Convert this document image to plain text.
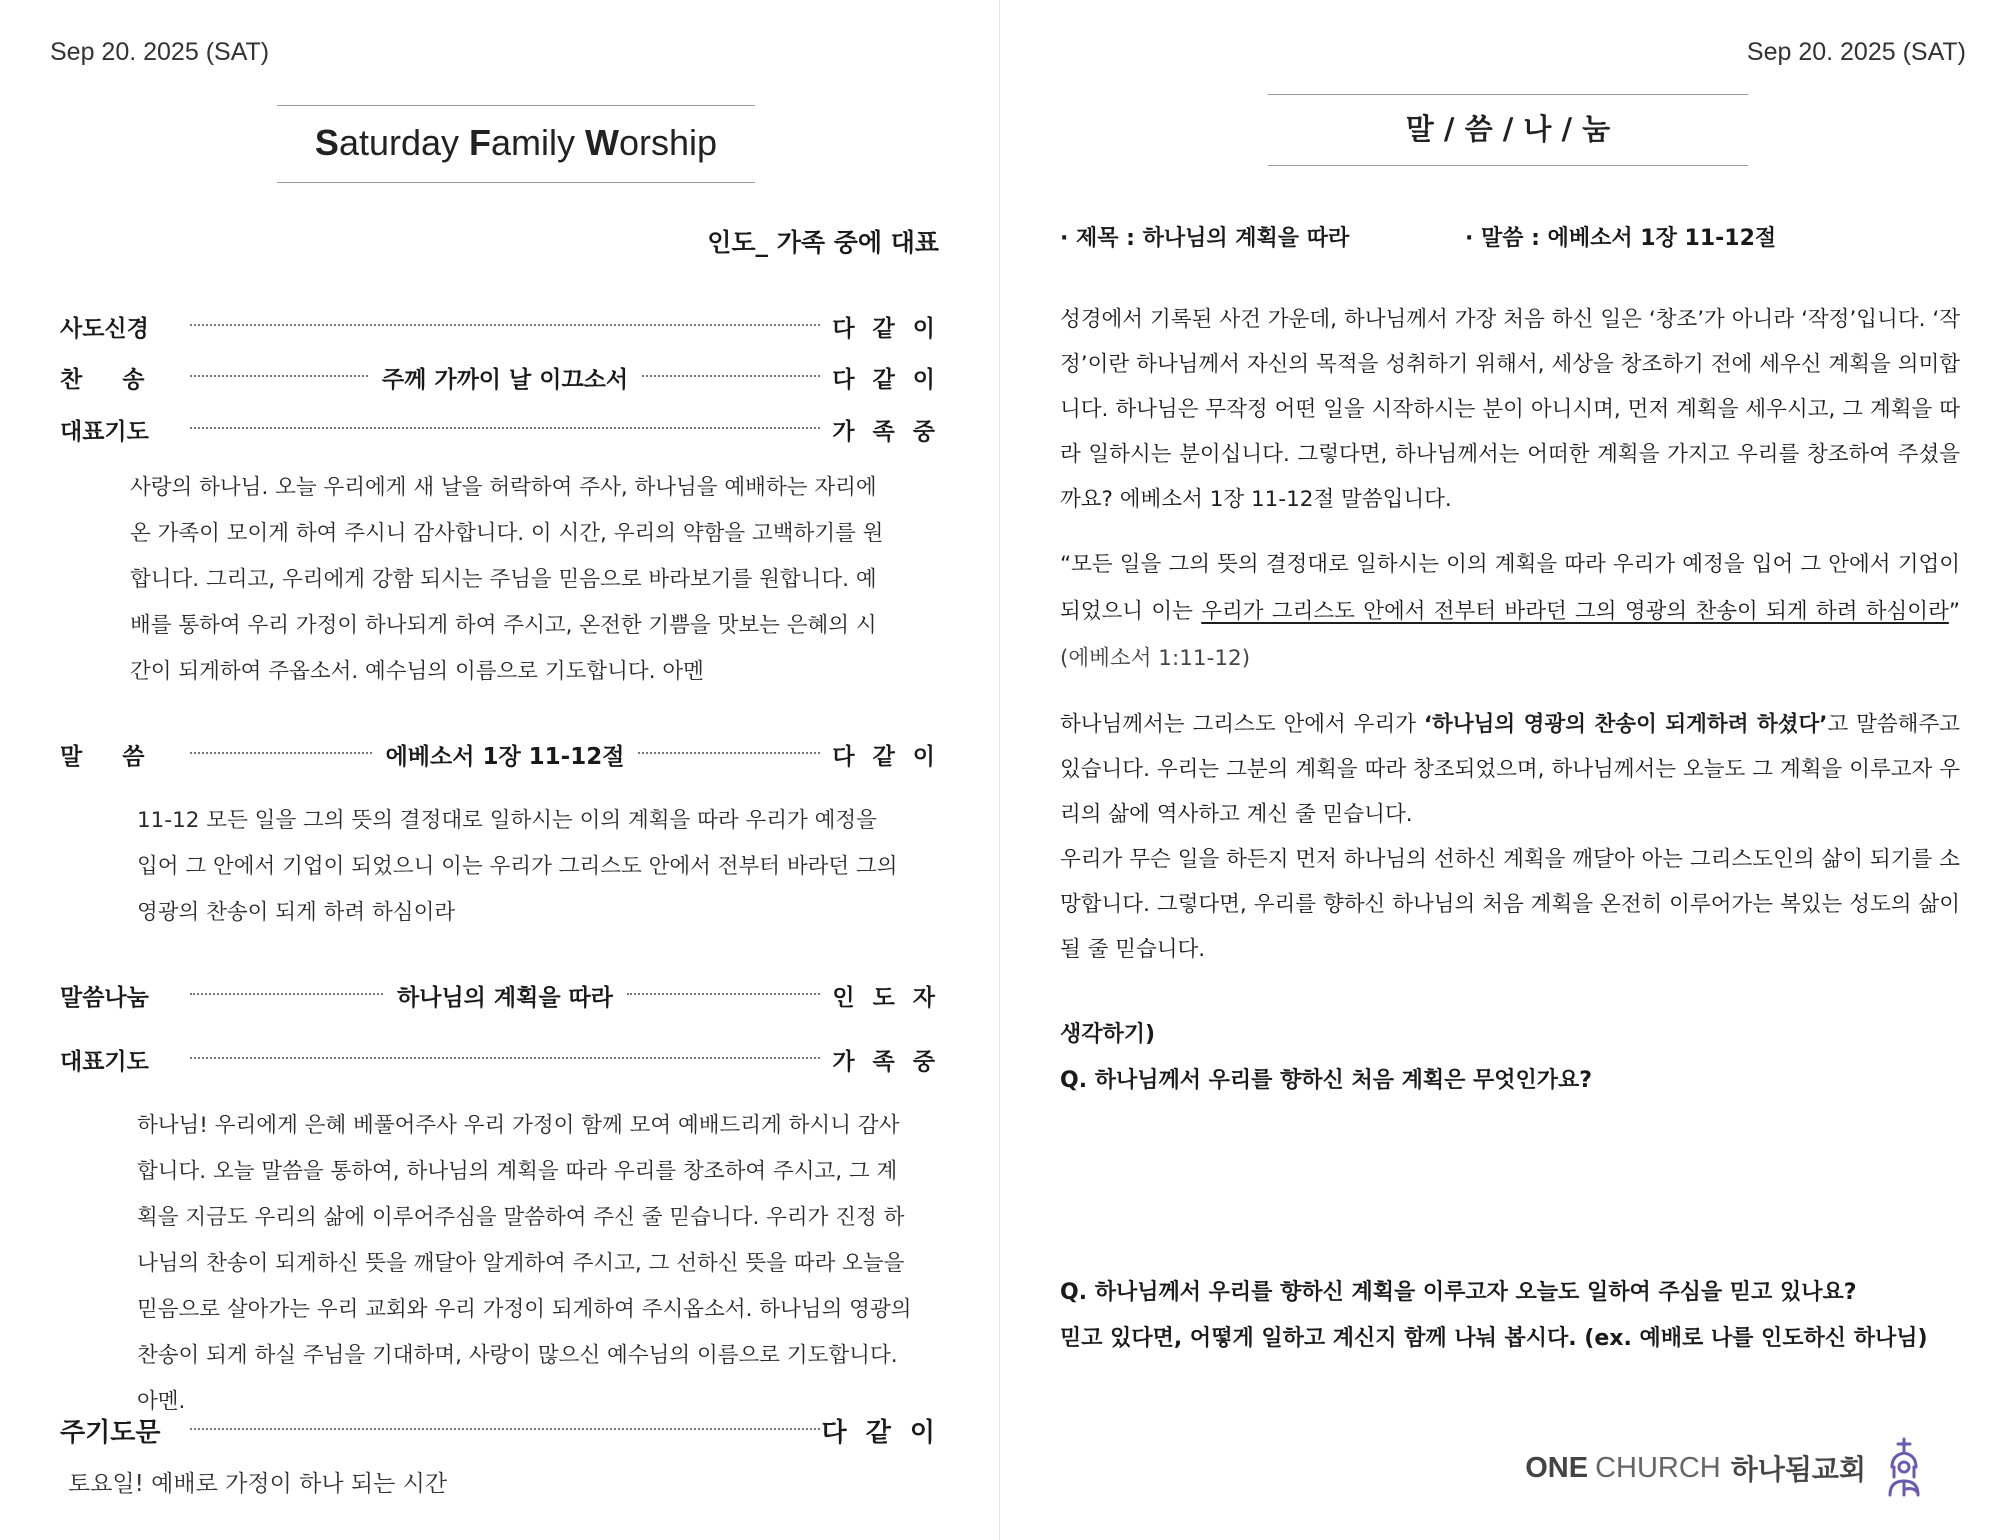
Sep 20. 2025 (SAT)
Saturday Family Worship
인도_ 가족 중에 대표
사도신경	다 같 이
찬송	주께 가까이 날 이끄소서	다 같 이
대표기도	가 족 중
사랑의 하나님. 오늘 우리에게 새 날을 허락하여 주사, 하나님을 예배하는 자리에 온 가족이 모이게 하여 주시니 감사합니다. 이 시간, 우리의 약함을 고백하기를 원합니다. 그리고, 우리에게 강함 되시는 주님을 믿음으로 바라보기를 원합니다. 예배를 통하여 우리 가정이 하나되게 하여 주시고, 온전한 기쁨을 맛보는 은혜의 시간이 되게하여 주옵소서. 예수님의 이름으로 기도합니다. 아멘
말씀	에베소서 1장 11-12절	다 같 이
11-12 모든 일을 그의 뜻의 결정대로 일하시는 이의 계획을 따라 우리가 예정을 입어 그 안에서 기업이 되었으니 이는 우리가 그리스도 안에서 전부터 바라던 그의 영광의 찬송이 되게 하려 하심이라
말씀나눔	하나님의 계획을 따라	인 도 자
대표기도	가 족 중
하나님! 우리에게 은혜 베풀어주사 우리 가정이 함께 모여 예배드리게 하시니 감사합니다. 오늘 말씀을 통하여, 하나님의 계획을 따라 우리를 창조하여 주시고, 그 계획을 지금도 우리의 삶에 이루어주심을 말씀하여 주신 줄 믿습니다. 우리가 진정 하나님의 찬송이 되게하신 뜻을 깨달아 알게하여 주시고, 그 선하신 뜻을 따라 오늘을 믿음으로 살아가는 우리 교회와 우리 가정이 되게하여 주시옵소서. 하나님의 영광의 찬송이 되게 하실 주님을 기대하며, 사랑이 많으신 예수님의 이름으로 기도합니다. 아멘.
주기도문	다 같 이
토요일! 예배로 가정이 하나 되는 시간
Sep 20. 2025 (SAT)
말 / 씀 / 나 / 눔
· 제목 : 하나님의 계획을 따라	· 말씀 : 에베소서 1장 11-12절
성경에서 기록된 사건 가운데, 하나님께서 가장 처음 하신 일은 ‘창조’가 아니라 ‘작정’입니다. ‘작정’이란 하나님께서 자신의 목적을 성취하기 위해서, 세상을 창조하기 전에 세우신 계획을 의미합니다. 하나님은 무작정 어떤 일을 시작하시는 분이 아니시며, 먼저 계획을 세우시고, 그 계획을 따라 일하시는 분이십니다. 그렇다면, 하나님께서는 어떠한 계획을 가지고 우리를 창조하여 주셨을까요? 에베소서 1장 11-12절 말씀입니다.
“모든 일을 그의 뜻의 결정대로 일하시는 이의 계획을 따라 우리가 예정을 입어 그 안에서 기업이 되었으니 이는 우리가 그리스도 안에서 전부터 바라던 그의 영광의 찬송이 되게 하려 하심이라” (에베소서 1:11-12)
하나님께서는 그리스도 안에서 우리가 ‘하나님의 영광의 찬송이 되게하려 하셨다’고 말씀해주고 있습니다. 우리는 그분의 계획을 따라 창조되었으며, 하나님께서는 오늘도 그 계획을 이루고자 우리의 삶에 역사하고 계신 줄 믿습니다.
우리가 무슨 일을 하든지 먼저 하나님의 선하신 계획을 깨달아 아는 그리스도인의 삶이 되기를 소망합니다. 그렇다면, 우리를 향하신 하나님의 처음 계획을 온전히 이루어가는 복있는 성도의 삶이 될 줄 믿습니다.
생각하기)
Q. 하나님께서 우리를 향하신 처음 계획은 무엇인가요?
Q. 하나님께서 우리를 향하신 계획을 이루고자 오늘도 일하여 주심을 믿고 있나요?
믿고 있다면, 어떻게 일하고 계신지 함께 나눠 봅시다. (ex. 예배로 나를 인도하신 하나님)
ONE CHURCH 하나됨교회
